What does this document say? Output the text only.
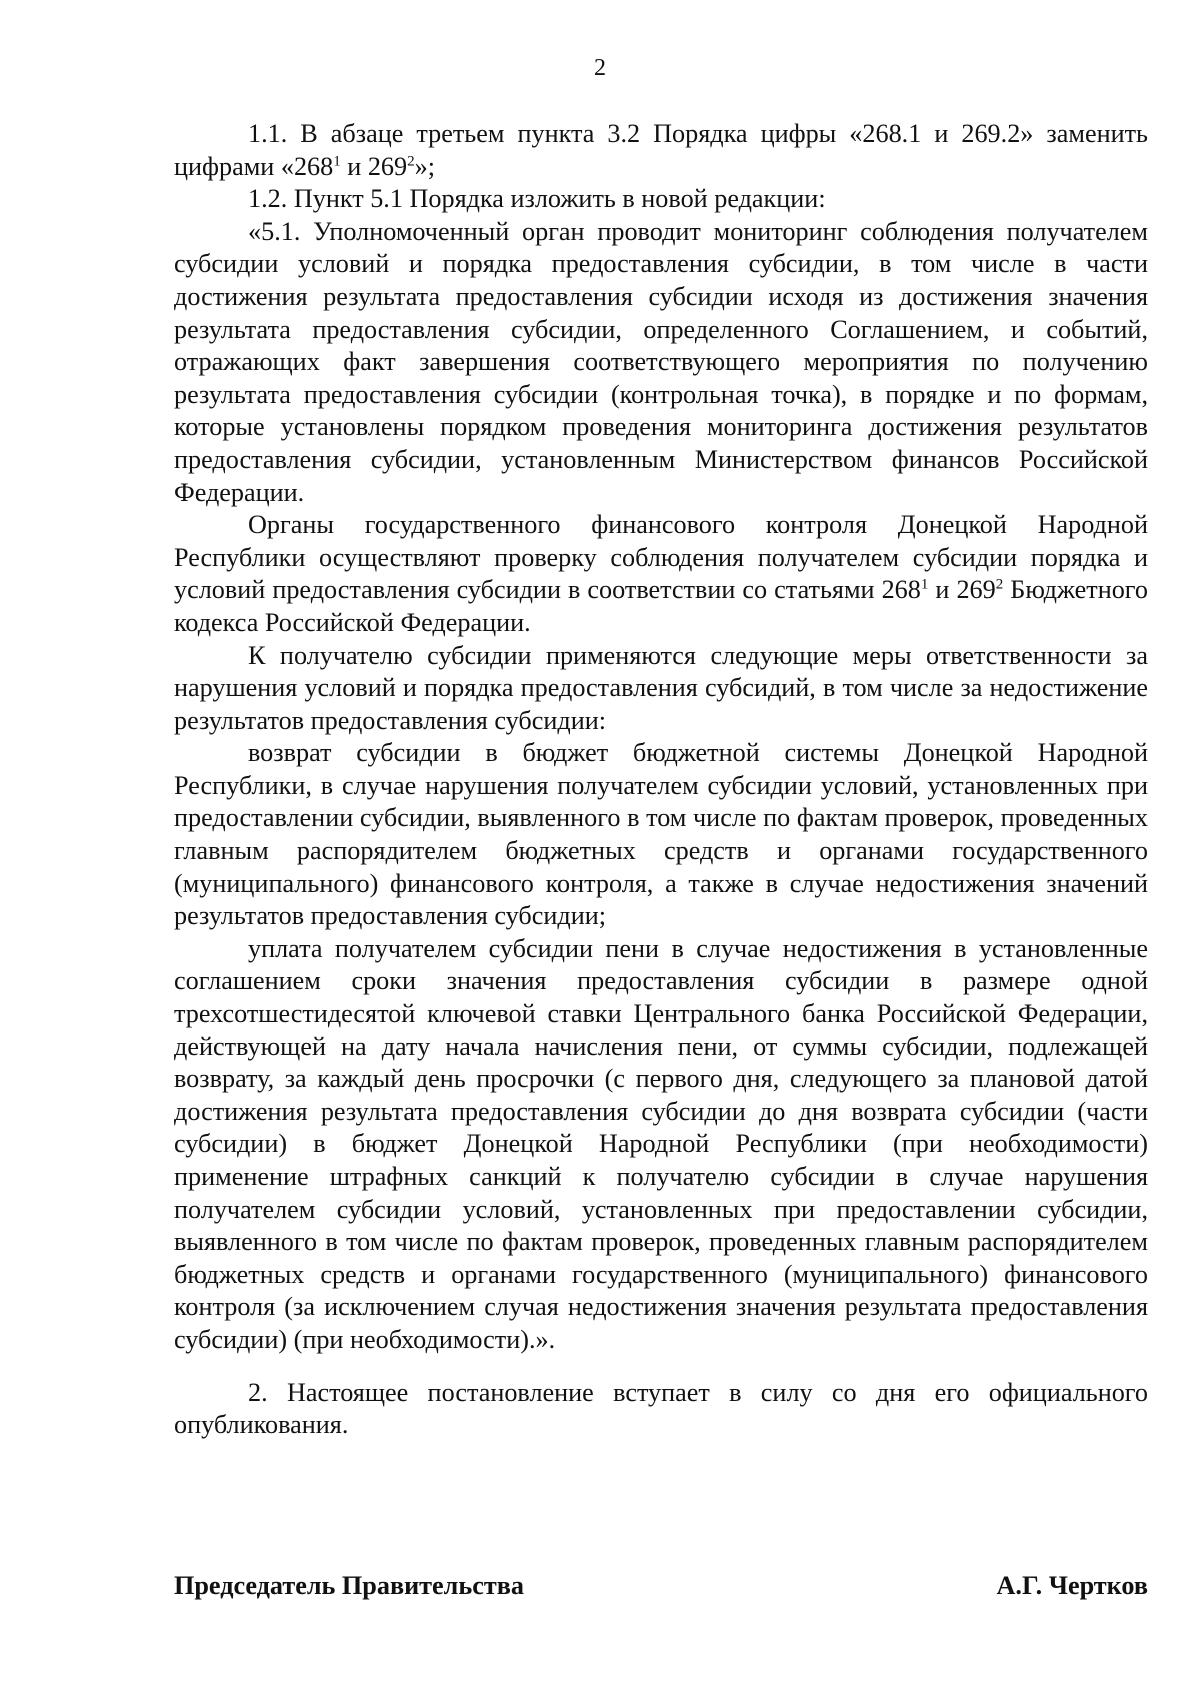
2

1.1. В абзаце третьем пункта 3.2 Порядка цифры «268.1 и 269.2» заменить цифрами «$268^1$ и $269^2$»;

1.2. Пункт 5.1 Порядка изложить в новой редакции:

«5.1. Уполномоченный орган проводит мониторинг соблюдения получателем субсидии условий и порядка предоставления субсидии, в том числе в части достижения результата предоставления субсидии исходя из достижения значения результата предоставления субсидии, определенного Соглашением, и событий, отражающих факт завершения соответствующего мероприятия по получению результата предоставления субсидии (контрольная точка), в порядке и по формам, которые установлены порядком проведения мониторинга достижения результатов предоставления субсидии, установленным Министерством финансов Российской Федерации.

Органы государственного финансового контроля Донецкой Народной Республики осуществляют проверку соблюдения получателем субсидии порядка и условий предоставления субсидии в соответствии со статьями $268^1$ и $269^2$ Бюджетного кодекса Российской Федерации.

К получателю субсидии применяются следующие меры ответственности за нарушения условий и порядка предоставления субсидий, в том числе за недостижение результатов предоставления субсидии:

возврат субсидии в бюджет бюджетной системы Донецкой Народной Республики, в случае нарушения получателем субсидии условий, установленных при предоставлении субсидии, выявленного в том числе по фактам проверок, проведенных главным распорядителем бюджетных средств и органами государственного (муниципального) финансового контроля, а также в случае недостижения значений результатов предоставления субсидии;

уплата получателем субсидии пени в случае недостижения в установленные соглашением сроки значения предоставления субсидии в размере одной трехсотшестидесятой ключевой ставки Центрального банка Российской Федерации, действующей на дату начала начисления пени, от суммы субсидии, подлежащей возврату, за каждый день просрочки (с первого дня, следующего за плановой датой достижения результата предоставления субсидии до дня возврата субсидии (части субсидии) в бюджет Донецкой Народной Республики (при необходимости) применение штрафных санкций к получателю субсидии в случае нарушения получателем субсидии условий, установленных при предоставлении субсидии, выявленного в том числе по фактам проверок, проведенных главным распорядителем бюджетных средств и органами государственного (муниципального) финансового контроля (за исключением случая недостижения значения результата предоставления субсидии) (при необходимости).».

2. Настоящее постановление вступает в силу со дня его официального опубликования.

Председатель Правительства	А.Г. Чертков
